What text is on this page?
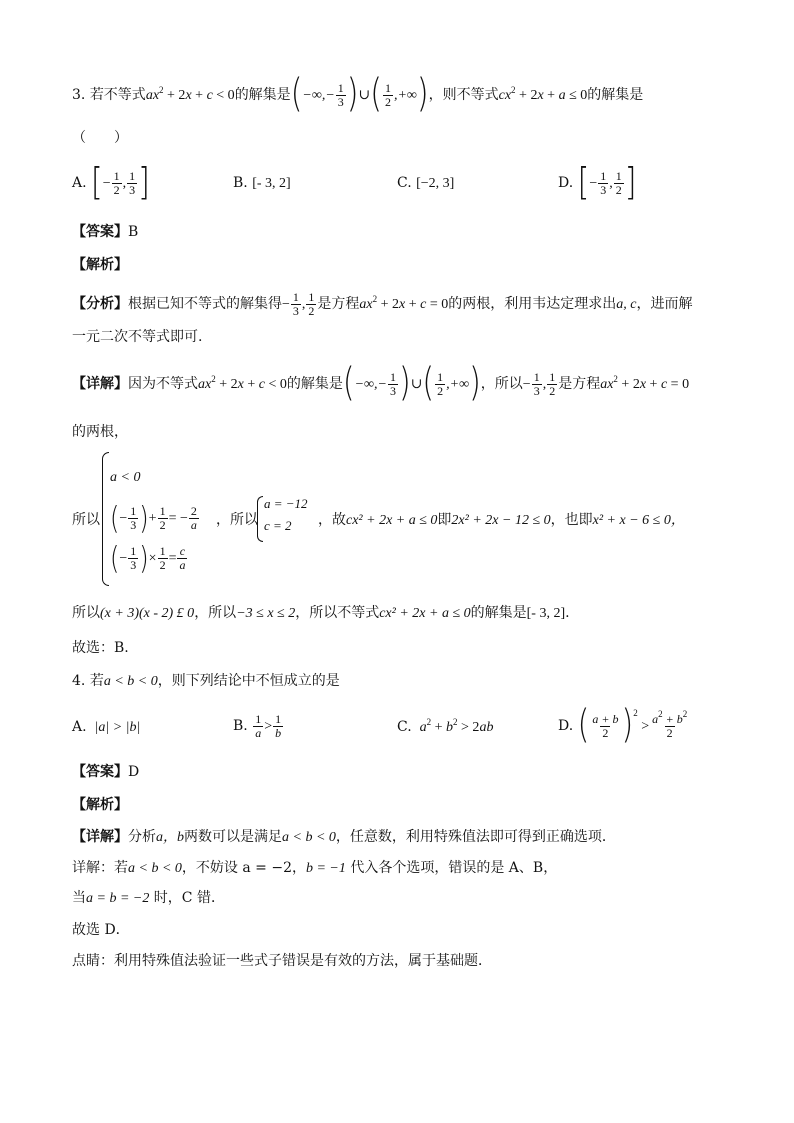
3. 若不等式$ax^2 + 2x + c < 0$的解集是(−∞,− $\frac{1}{3}$ )∪( $\frac{1}{2}$ ,+∞)，则不等式$cx^2 + 2x + a \le 0$的解集是
（　　）
A. [− $\frac{1}{2}$ , $\frac{1}{3}$ ]	B. [- 3, 2]	C. [−2, 3]	D. [− $\frac{1}{3}$ , $\frac{1}{2}$ ]
【答案】B
【解析】
【分析】根据已知不等式的解集得− $\frac{1}{3}$ , $\frac{1}{2}$ 是方程$ax^2 + 2x + c = 0$的两根，利用韦达定理求出a, c，进而解
一元二次不等式即可.
【详解】因为不等式$ax^2 + 2x + c < 0$的解集是(−∞,− $\frac{1}{3}$ )∪( $\frac{1}{2}$ ,+∞)，所以− $\frac{1}{3}$ , $\frac{1}{2}$ 是方程$ax^2 + 2x + c = 0$
的两根，
所以
a < 0
(− $\frac{1}{3}$ )+ $\frac{1}{2}$ = − $\frac{2}{a}$
(− $\frac{1}{3}$ )× $\frac{1}{2} = \frac{c}{a}$
，所以
a = −12
c = 2 ，故cx² + 2x + a ≤ 0即2x² + 2x − 12 ≤ 0，也即x² + x − 6 ≤ 0，
所以(x + 3)(x - 2) £ 0，所以−3 ≤ x ≤ 2，所以不等式cx² + 2x + a ≤ 0的解集是[- 3, 2].
故选：B.
4. 若a < b < 0，则下列结论中不恒成立的是
A.  |a| > |b|	B. $\frac{1}{a} > \frac{1}{b}$	C.  $a^2 + b^2 > 2ab$	D. ( $\frac{a + b}{2} )^2 > \frac{a^2 + b^2}{2}$
【答案】D
【解析】
【详解】分析a，b两数可以是满足a < b < 0，任意数，利用特殊值法即可得到正确选项．
详解：若a < b < 0，不妨设 a = −2，b = −1 代入各个选项，错误的是 A、B，
当a = b = −2 时，C 错．
故选 D．
点睛：利用特殊值法验证一些式子错误是有效的方法，属于基础题．
